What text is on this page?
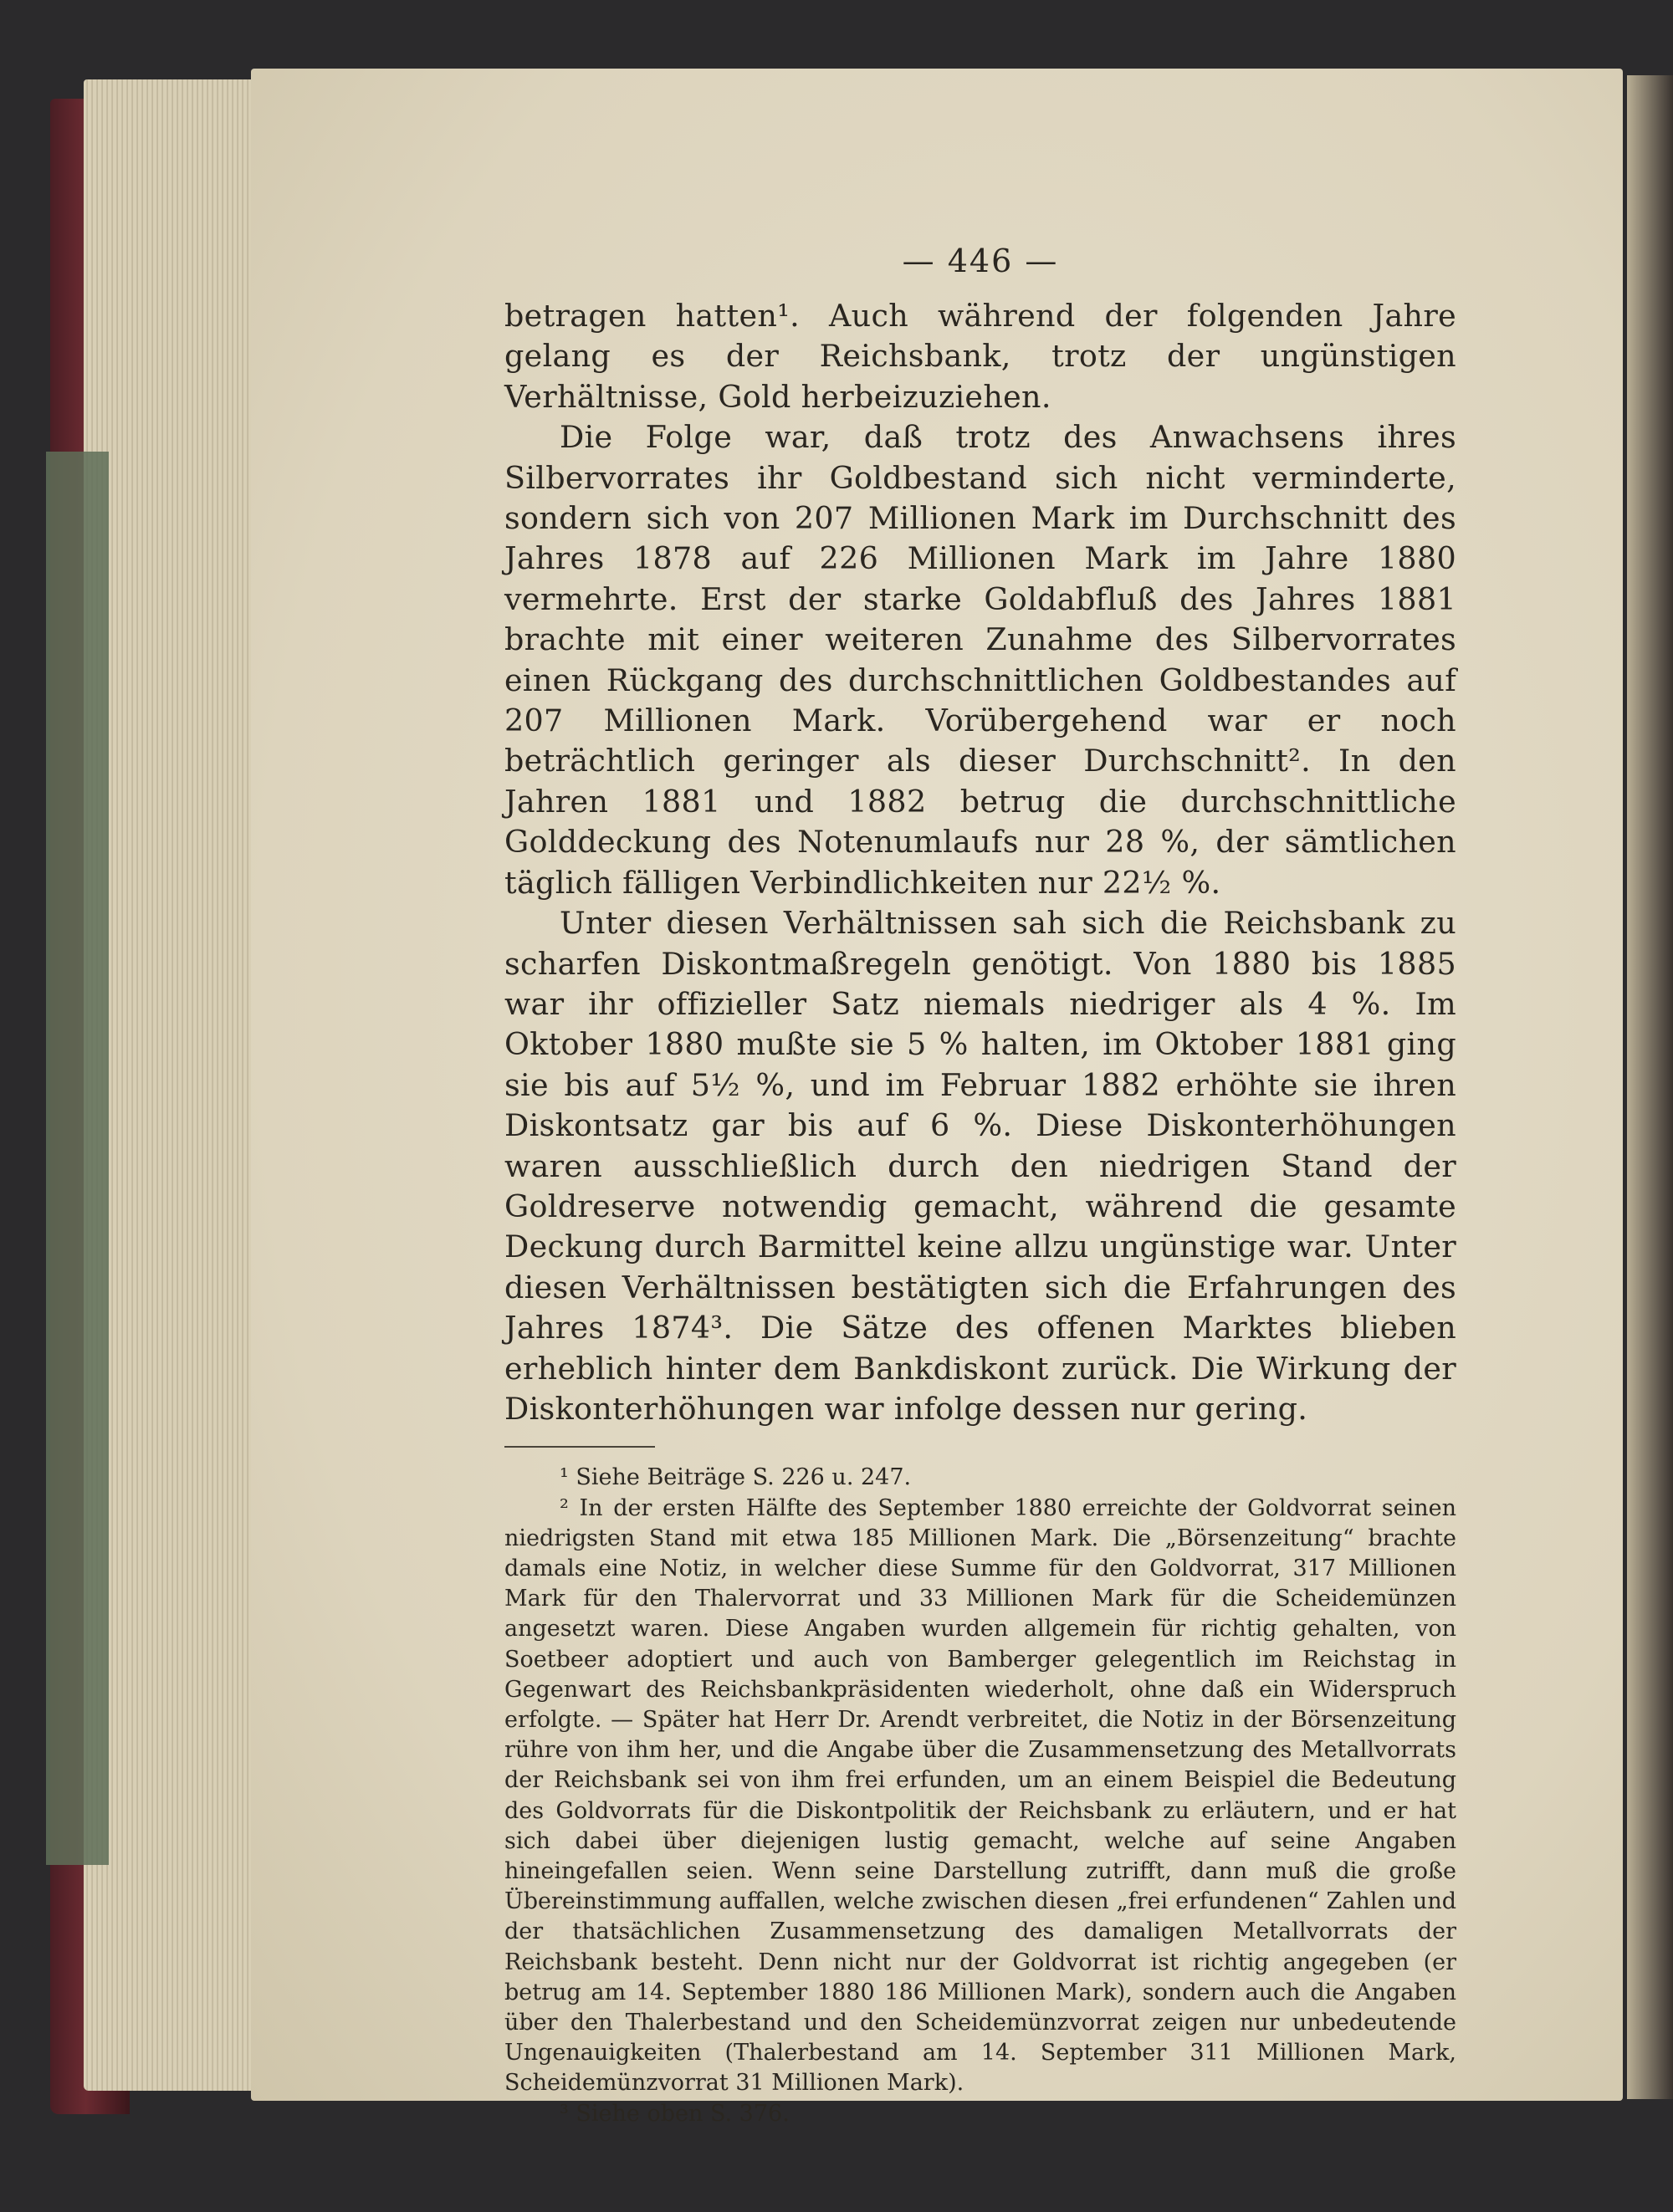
— 446 —

betragen hatten¹. Auch während der folgenden Jahre gelang es der Reichsbank, trotz der ungünstigen Verhältnisse, Gold herbeizuziehen.

Die Folge war, daß trotz des Anwachsens ihres Silbervorrates ihr Goldbestand sich nicht verminderte, sondern sich von 207 Millionen Mark im Durchschnitt des Jahres 1878 auf 226 Millionen Mark im Jahre 1880 vermehrte. Erst der starke Goldabfluß des Jahres 1881 brachte mit einer weiteren Zunahme des Silbervorrates einen Rückgang des durchschnittlichen Goldbestandes auf 207 Millionen Mark. Vorübergehend war er noch beträchtlich geringer als dieser Durchschnitt². In den Jahren 1881 und 1882 betrug die durchschnittliche Golddeckung des Notenumlaufs nur 28 %, der sämtlichen täglich fälligen Verbindlichkeiten nur 22½ %.

Unter diesen Verhältnissen sah sich die Reichsbank zu scharfen Diskontmaßregeln genötigt. Von 1880 bis 1885 war ihr offizieller Satz niemals niedriger als 4 %. Im Oktober 1880 mußte sie 5 % halten, im Oktober 1881 ging sie bis auf 5½ %, und im Februar 1882 erhöhte sie ihren Diskontsatz gar bis auf 6 %. Diese Diskonterhöhungen waren ausschließlich durch den niedrigen Stand der Goldreserve notwendig gemacht, während die gesamte Deckung durch Barmittel keine allzu ungünstige war. Unter diesen Verhältnissen bestätigten sich die Erfahrungen des Jahres 1874³. Die Sätze des offenen Marktes blieben erheblich hinter dem Bankdiskont zurück. Die Wirkung der Diskonterhöhungen war infolge dessen nur gering.

¹ Siehe Beiträge S. 226 u. 247.

² In der ersten Hälfte des September 1880 erreichte der Goldvorrat seinen niedrigsten Stand mit etwa 185 Millionen Mark. Die „Börsenzeitung“ brachte damals eine Notiz, in welcher diese Summe für den Goldvorrat, 317 Millionen Mark für den Thalervorrat und 33 Millionen Mark für die Scheidemünzen angesetzt waren. Diese Angaben wurden allgemein für richtig gehalten, von Soetbeer adoptiert und auch von Bamberger gelegentlich im Reichstag in Gegenwart des Reichsbankpräsidenten wiederholt, ohne daß ein Widerspruch erfolgte. — Später hat Herr Dr. Arendt verbreitet, die Notiz in der Börsenzeitung rühre von ihm her, und die Angabe über die Zusammensetzung des Metallvorrats der Reichsbank sei von ihm frei erfunden, um an einem Beispiel die Bedeutung des Goldvorrats für die Diskontpolitik der Reichsbank zu erläutern, und er hat sich dabei über diejenigen lustig gemacht, welche auf seine Angaben hineingefallen seien. Wenn seine Darstellung zutrifft, dann muß die große Übereinstimmung auffallen, welche zwischen diesen „frei erfundenen“ Zahlen und der thatsächlichen Zusammensetzung des damaligen Metallvorrats der Reichsbank besteht. Denn nicht nur der Goldvorrat ist richtig angegeben (er betrug am 14. September 1880 186 Millionen Mark), sondern auch die Angaben über den Thalerbestand und den Scheidemünzvorrat zeigen nur unbedeutende Ungenauigkeiten (Thalerbestand am 14. September 311 Millionen Mark, Scheidemünzvorrat 31 Millionen Mark).

³ Siehe oben S. 376.
